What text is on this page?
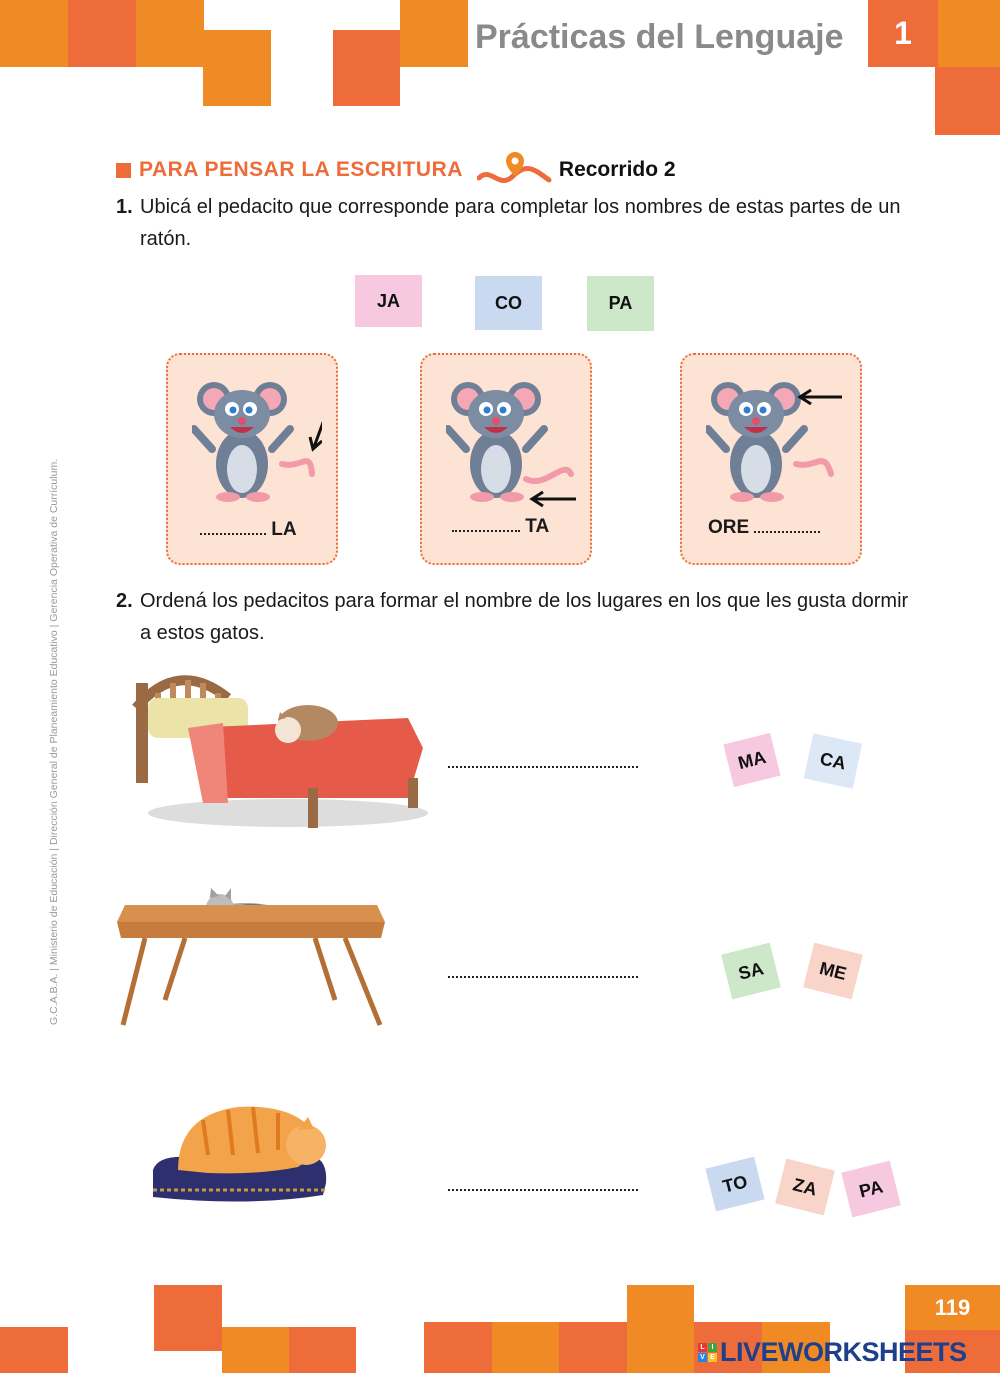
Prácticas del Lenguaje	1
PARA PENSAR LA ESCRITURA	Recorrido 2
1. Ubicá el pedacito que corresponde para completar los nombres de estas partes de un ratón.
JA	CO	PA
LA	TA	ORE
2. Ordená los pedacitos para formar el nombre de los lugares en los que les gusta dormir a estos gatos.
MA	CA
SA	ME
TO	ZA	PA
G.C.A.B.A. | Ministerio de Educación | Dirección General de Planeamiento Educativo | Gerencia Operativa de Currículum.
119
L I
V E LIVEWORKSHEETS
